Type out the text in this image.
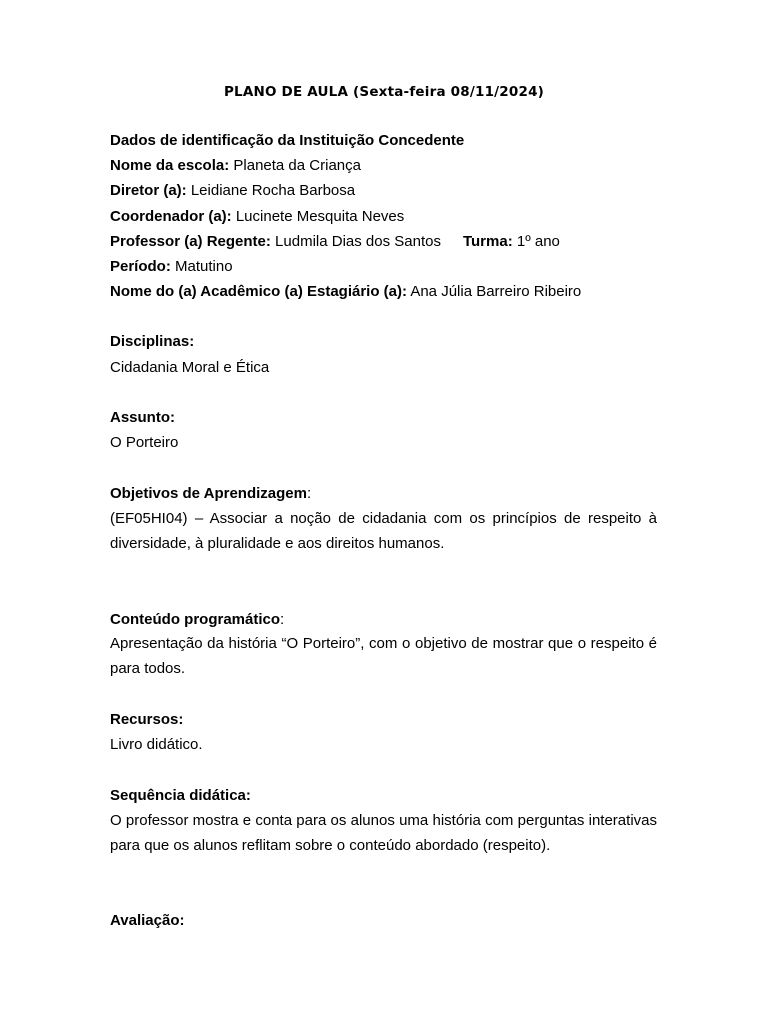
PLANO DE AULA (Sexta-feira 08/11/2024)
Dados de identificação da Instituição Concedente
Nome da escola: Planeta da Criança
Diretor (a): Leidiane Rocha Barbosa
Coordenador (a): Lucinete Mesquita Neves
Professor (a) Regente: Ludmila Dias dos Santos Turma: 1º ano
Período: Matutino
Nome do (a) Acadêmico (a) Estagiário (a): Ana Júlia Barreiro Ribeiro
Disciplinas:
Cidadania Moral e Ética
Assunto:
O Porteiro
Objetivos de Aprendizagem:
(EF05HI04) – Associar a noção de cidadania com os princípios de respeito à diversidade, à pluralidade e aos direitos humanos.
Conteúdo programático:
Apresentação da história “O Porteiro”, com o objetivo de mostrar que o respeito é para todos.
Recursos:
Livro didático.
Sequência didática:
O professor mostra e conta para os alunos uma história com perguntas interativas para que os alunos reflitam sobre o conteúdo abordado (respeito).
Avaliação:
